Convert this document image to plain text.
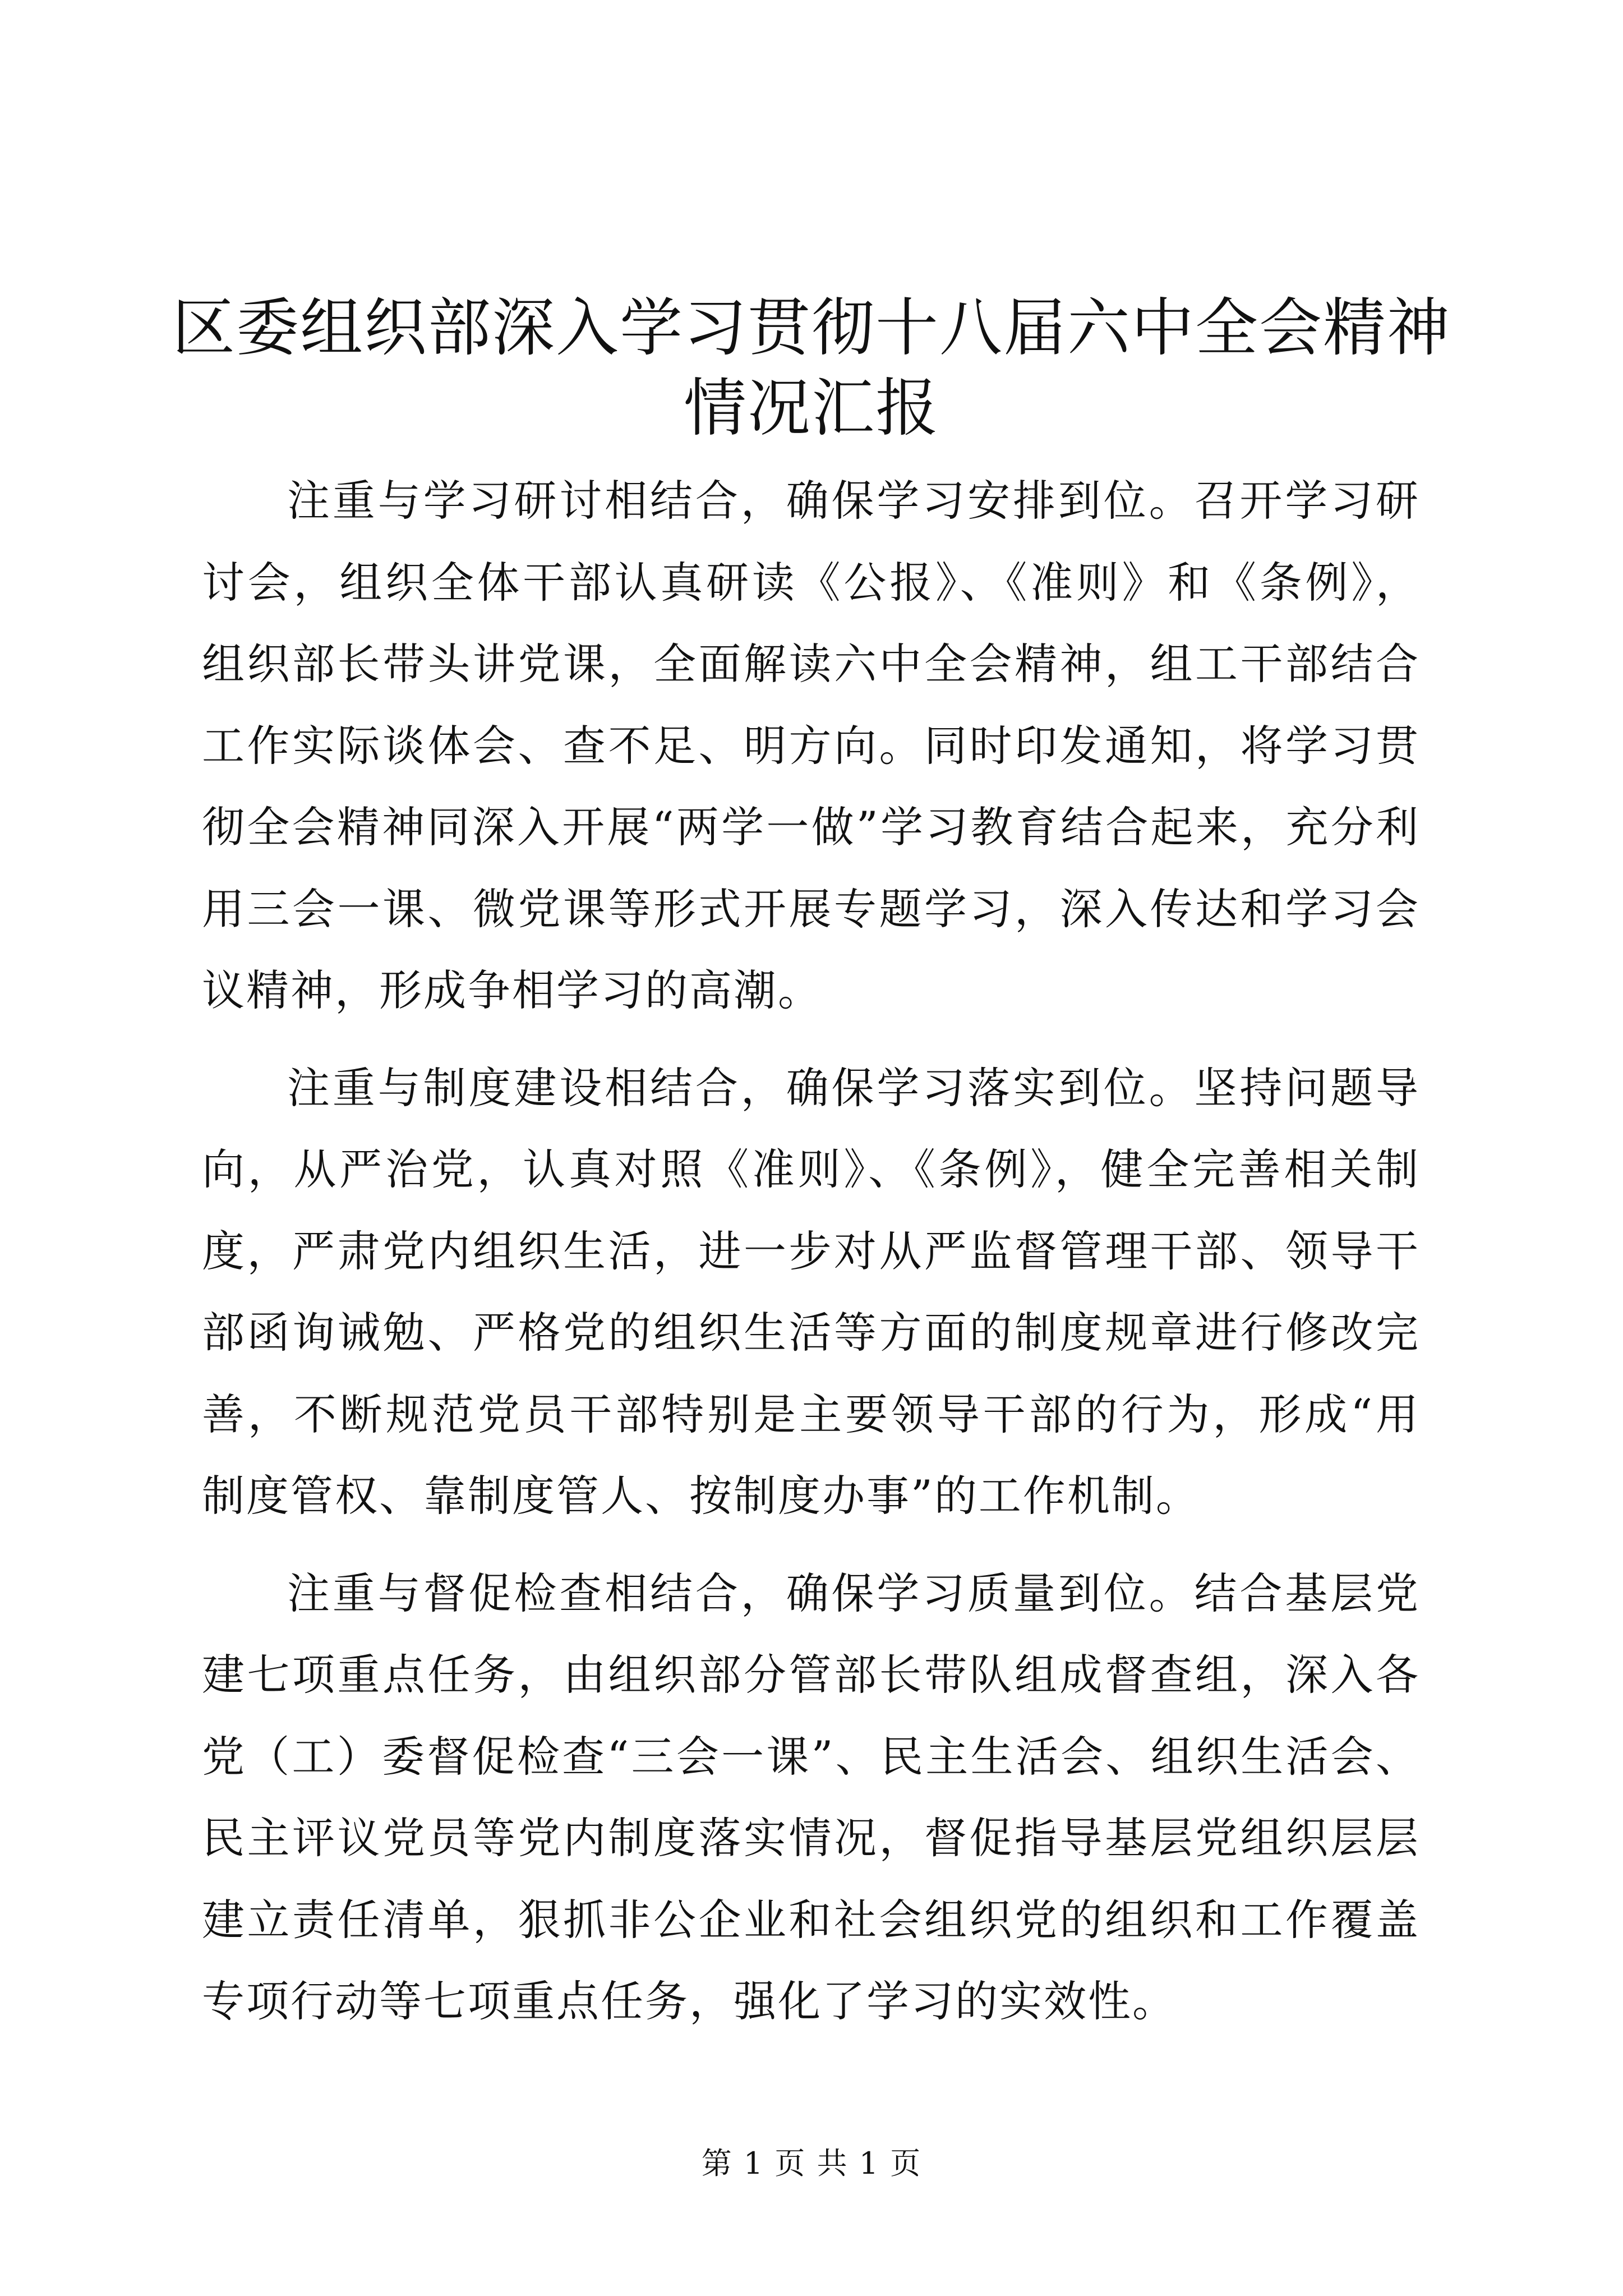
区委组织部深入学习贯彻十八届六中全会精神
情况汇报

注重与学习研讨相结合，确保学习安排到位。召开学习研讨会，组织全体干部认真研读《公报》、《准则》和《条例》，组织部长带头讲党课，全面解读六中全会精神，组工干部结合工作实际谈体会、查不足、明方向。同时印发通知，将学习贯彻全会精神同深入开展“两学一做”学习教育结合起来，充分利用三会一课、微党课等形式开展专题学习，深入传达和学习会议精神，形成争相学习的高潮。

注重与制度建设相结合，确保学习落实到位。坚持问题导向，从严治党，认真对照《准则》、《条例》，健全完善相关制度，严肃党内组织生活，进一步对从严监督管理干部、领导干部函询诫勉、严格党的组织生活等方面的制度规章进行修改完善，不断规范党员干部特别是主要领导干部的行为，形成“用制度管权、靠制度管人、按制度办事”的工作机制。

注重与督促检查相结合，确保学习质量到位。结合基层党建七项重点任务，由组织部分管部长带队组成督查组，深入各党（工）委督促检查“三会一课”、民主生活会、组织生活会、民主评议党员等党内制度落实情况，督促指导基层党组织层层建立责任清单，狠抓非公企业和社会组织党的组织和工作覆盖专项行动等七项重点任务，强化了学习的实效性。

第 1 页 共 1 页
